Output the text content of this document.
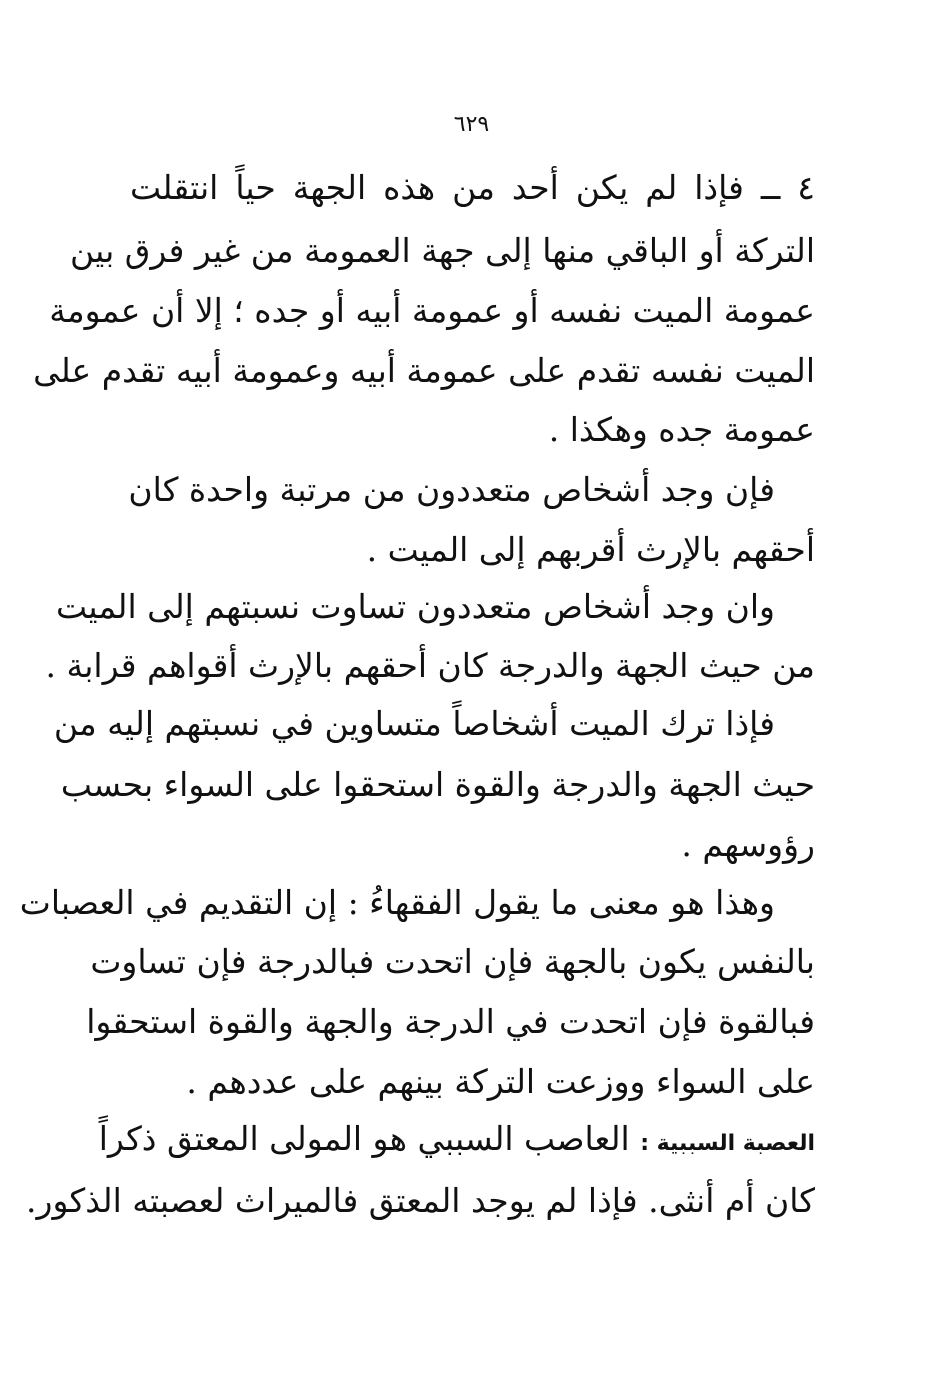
٦٢٩
٤ ــ فإذا لم يكن أحد من هذه الجهة حياً انتقلت
التركة أو الباقي منها إلى جهة العمومة من غير فرق بين
عمومة الميت نفسه أو عمومة أبيه أو جده ؛ إلا أن عمومة
الميت نفسه تقدم على عمومة أبيه وعمومة أبيه تقدم على
عمومة جده وهكذا .
فإن وجد أشخاص متعددون من مرتبة واحدة كان
أحقهم بالإرث أقربهم إلى الميت .
وان وجد أشخاص متعددون تساوت نسبتهم إلى الميت
من حيث الجهة والدرجة كان أحقهم بالإرث أقواهم قرابة .
فإذا ترك الميت أشخاصاً متساوين في نسبتهم إليه من
حيث الجهة والدرجة والقوة استحقوا على السواء بحسب
رؤوسهم .
وهذا هو معنى ما يقول الفقهاءُ : إن التقديم في العصبات
بالنفس يكون بالجهة فإن اتحدت فبالدرجة فإن تساوت
فبالقوة فإن اتحدت في الدرجة والجهة والقوة استحقوا
على السواء ووزعت التركة بينهم على عددهم .
العصبة السببية : العاصب السببي هو المولى المعتق ذكراً
كان أم أنثى. فإذا لم يوجد المعتق فالميراث لعصبته الذكور.
